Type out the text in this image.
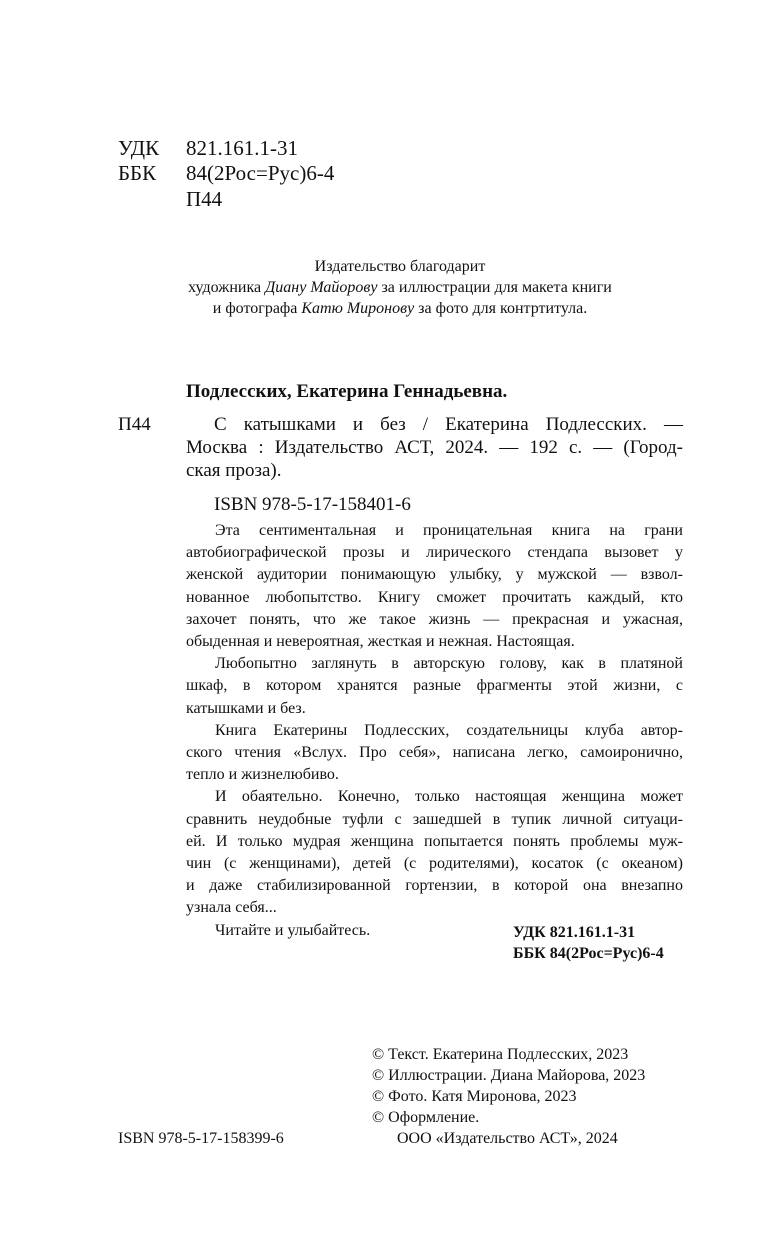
УДК 821.161.1-31
ББК 84(2Рос=Рус)6-4
П44
Издательство благодарит
художника Диану Майорову за иллюстрации для макета книги
и фотографа Катю Миронову за фото для контртитула.
Подлесских, Екатерина Геннадьевна.
П44	С катышками и без / Екатерина Подлесских. —
Москва : Издательство АСТ, 2024. — 192 с. — (Город-
ская проза).
ISBN 978-5-17-158401-6
Эта сентиментальная и проницательная книга на грани
автобиографической прозы и лирического стендапа вызовет у
женской аудитории понимающую улыбку, у мужской — взвол-
нованное любопытство. Книгу сможет прочитать каждый, кто
захочет понять, что же такое жизнь — прекрасная и ужасная,
обыденная и невероятная, жесткая и нежная. Настоящая.
Любопытно заглянуть в авторскую голову, как в платяной
шкаф, в котором хранятся разные фрагменты этой жизни, с
катышками и без.
Книга Екатерины Подлесских, создательницы клуба автор-
ского чтения «Вслух. Про себя», написана легко, самоиронично,
тепло и жизнелюбиво.
И обаятельно. Конечно, только настоящая женщина может
сравнить неудобные туфли с зашедшей в тупик личной ситуаци-
ей. И только мудрая женщина попытается понять проблемы муж-
чин (с женщинами), детей (с родителями), косаток (с океаном)
и даже стабилизированной гортензии, в которой она внезапно
узнала себя...
Читайте и улыбайтесь.	УДК 821.161.1-31
ББК 84(2Рос=Рус)6-4
© Текст. Екатерина Подлесских, 2023
© Иллюстрации. Диана Майорова, 2023
© Фото. Катя Миронова, 2023
© Оформление.
ООО «Издательство АСТ», 2024
ISBN 978-5-17-158399-6
